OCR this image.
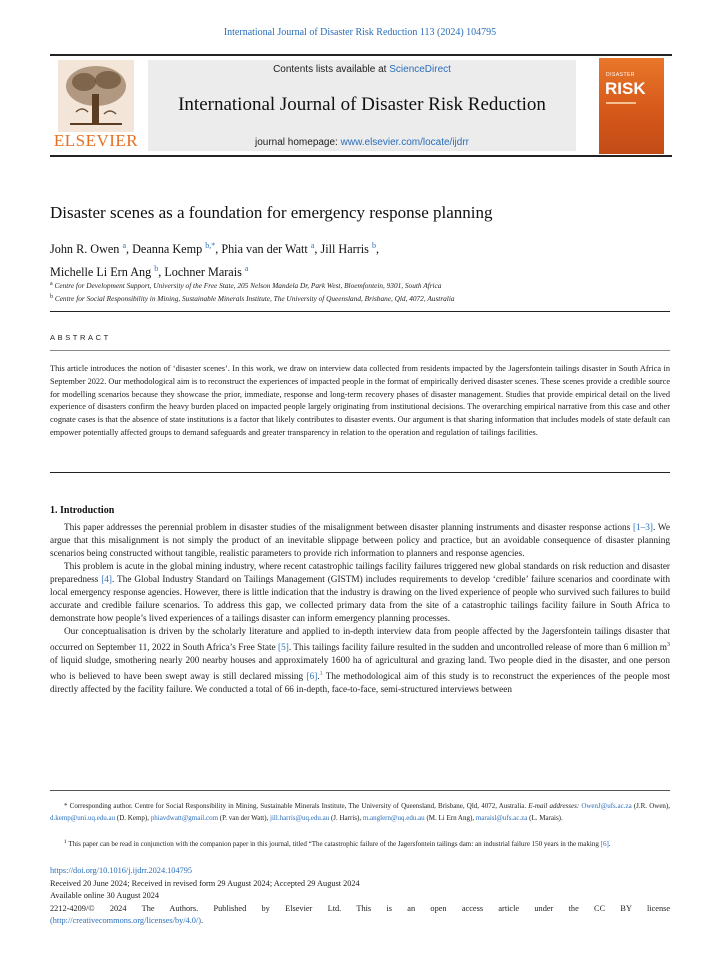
International Journal of Disaster Risk Reduction 113 (2024) 104795
ELSEVIER
Contents lists available at ScienceDirect
International Journal of Disaster Risk Reduction
journal homepage: www.elsevier.com/locate/ijdrr
DISASTER
RISK
Disaster scenes as a foundation for emergency response planning
John R. Owen $^a$, Deanna Kemp $^{b,*}$, Phia van der Watt $^a$, Jill Harris $^b$,
Michelle Li Ern Ang $^b$, Lochner Marais $^a$
$^a$ Centre for Development Support, University of the Free State, 205 Nelson Mandela Dr, Park West, Bloemfontein, 9301, South Africa
$^b$ Centre for Social Responsibility in Mining, Sustainable Minerals Institute, The University of Queensland, Brisbane, Qld, 4072, Australia
ABSTRACT
This article introduces the notion of ‘disaster scenes’. In this work, we draw on interview data collected from residents impacted by the Jagersfontein tailings disaster in South Africa in September 2022. Our methodological aim is to reconstruct the experiences of impacted people in the format of empirically derived disaster scenes. These scenes provide a credible source for modelling scenarios because they showcase the prior, immediate, response and long-term recovery phases of disaster management. Studies that provide empirical detail on the lived experience of disasters confirm the heavy burden placed on impacted people largely originating from institutional decisions. The overarching empirical narrative from this case and other cognate cases is that the absence of state institutions is a factor that likely contributes to disaster events. Our argument is that sharing information that includes models of state default can empower potentially affected groups to demand safeguards and greater transparency in relation to the operation and regulation of tailings facilities.
1. Introduction

This paper addresses the perennial problem in disaster studies of the misalignment between disaster planning instruments and disaster response actions [1–3]. We argue that this misalignment is not simply the product of an inevitable slippage between policy and practice, but an avoidable consequence of disaster planning scenarios being constructed without tangible, realistic parameters to provide rich information to planners and response agencies.

This problem is acute in the global mining industry, where recent catastrophic tailings facility failures triggered new global standards on risk reduction and disaster preparedness [4]. The Global Industry Standard on Tailings Management (GISTM) includes requirements to develop ‘credible’ failure scenarios and coordinate with local emergency response agencies. However, there is little indication that the industry is drawing on the lived experience of people who survived such failures to build accurate and credible failure scenarios. To address this gap, we collected primary data from the site of a catastrophic tailings facility failure in South Africa to demonstrate how people’s lived experiences of a tailings disaster can inform emergency planning processes.

Our conceptualisation is driven by the scholarly literature and applied to in-depth interview data from people affected by the Jagersfontein tailings disaster that occurred on September 11, 2022 in South Africa’s Free State [5]. This tailings facility failure resulted in the sudden and uncontrolled release of more than 6 million $m^3$ of liquid sludge, smothering nearly 200 nearby houses and approximately 1600 ha of agricultural and grazing land. Two people died in the disaster, and one person who is believed to have been swept away is still declared missing [6].$^1$ The methodological aim of this study is to reconstruct the experiences of the people most directly affected by the facility failure. We conducted a total of 66 in-depth, face-to-face, semi-structured interviews between

* Corresponding author. Centre for Social Responsibility in Mining, Sustainable Minerals Institute, The University of Queensland, Brisbane, Qld, 4072, Australia. E-mail addresses: OwenJ@ufs.ac.za (J.R. Owen), d.kemp@uni.uq.edu.au (D. Kemp), phiavdwatt@gmail.com (P. van der Watt), jill.harris@uq.edu.au (J. Harris), m.anglern@uq.edu.au (M. Li Ern Ang), maraisl@ufs.ac.za (L. Marais).
$^1$ This paper can be read in conjunction with the companion paper in this journal, titled “The catastrophic failure of the Jagersfontein tailings dam: an industrial failure 150 years in the making [6].
https://doi.org/10.1016/j.ijdrr.2024.104795
Received 20 June 2024; Received in revised form 29 August 2024; Accepted 29 August 2024
Available online 30 August 2024
2212-4209/© 2024 The Authors. Published by Elsevier Ltd. This is an open access article under the CC BY license
(http://creativecommons.org/licenses/by/4.0/).
